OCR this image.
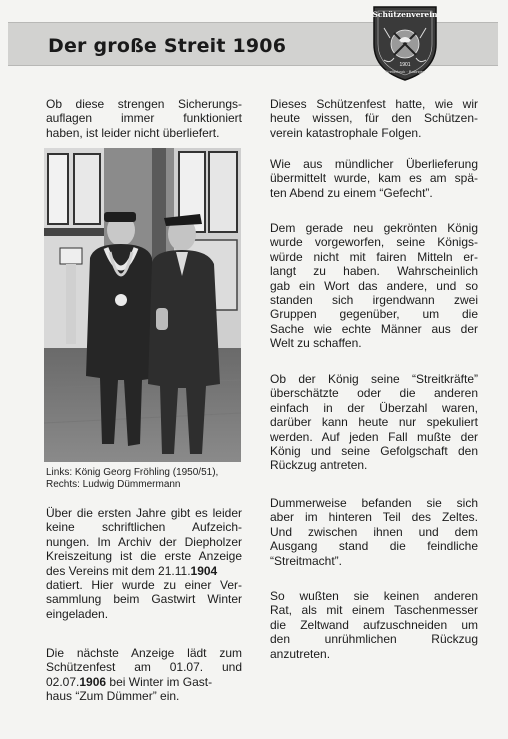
Der große Streit 1906
Schützenverein
1901
Strellerbrok · Bollingen
Ob diese strengen Sicherungs-
auflagen immer funktioniert
haben, ist leider nicht überliefert.
Links: König Georg Fröhling (1950/51),
Rechts: Ludwig Dümmermann
Über die ersten Jahre gibt es leider
keine schriftlichen Aufzeich-
nungen. Im Archiv der Diepholzer
Kreiszeitung ist die erste Anzeige
des Vereins mit dem 21.11.1904
datiert. Hier wurde zu einer Ver-
sammlung beim Gastwirt Winter
eingeladen.
Die nächste Anzeige lädt zum
Schützenfest am 01.07. und
02.07.1906 bei Winter im Gast-
haus “Zum Dümmer” ein.
Dieses Schützenfest hatte, wie wir
heute wissen, für den Schützen-
verein katastrophale Folgen.
Wie aus mündlicher Überlieferung
übermittelt wurde, kam es am spä-
ten Abend zu einem “Gefecht”.
Dem gerade neu gekrönten König
wurde vorgeworfen, seine Königs-
würde nicht mit fairen Mitteln er-
langt zu haben. Wahrscheinlich
gab ein Wort das andere, und so
standen sich irgendwann zwei
Gruppen gegenüber, um die
Sache wie echte Männer aus der
Welt zu schaffen.
Ob der König seine “Streitkräfte”
überschätzte oder die anderen
einfach in der Überzahl waren,
darüber kann heute nur spekuliert
werden. Auf jeden Fall mußte der
König und seine Gefolgschaft den
Rückzug antreten.
Dummerweise befanden sie sich
aber im hinteren Teil des Zeltes.
Und zwischen ihnen und dem
Ausgang stand die feindliche
“Streitmacht”.
So wußten sie keinen anderen
Rat, als mit einem Taschenmesser
die Zeltwand aufzuschneiden um
den unrühmlichen Rückzug
anzutreten.
